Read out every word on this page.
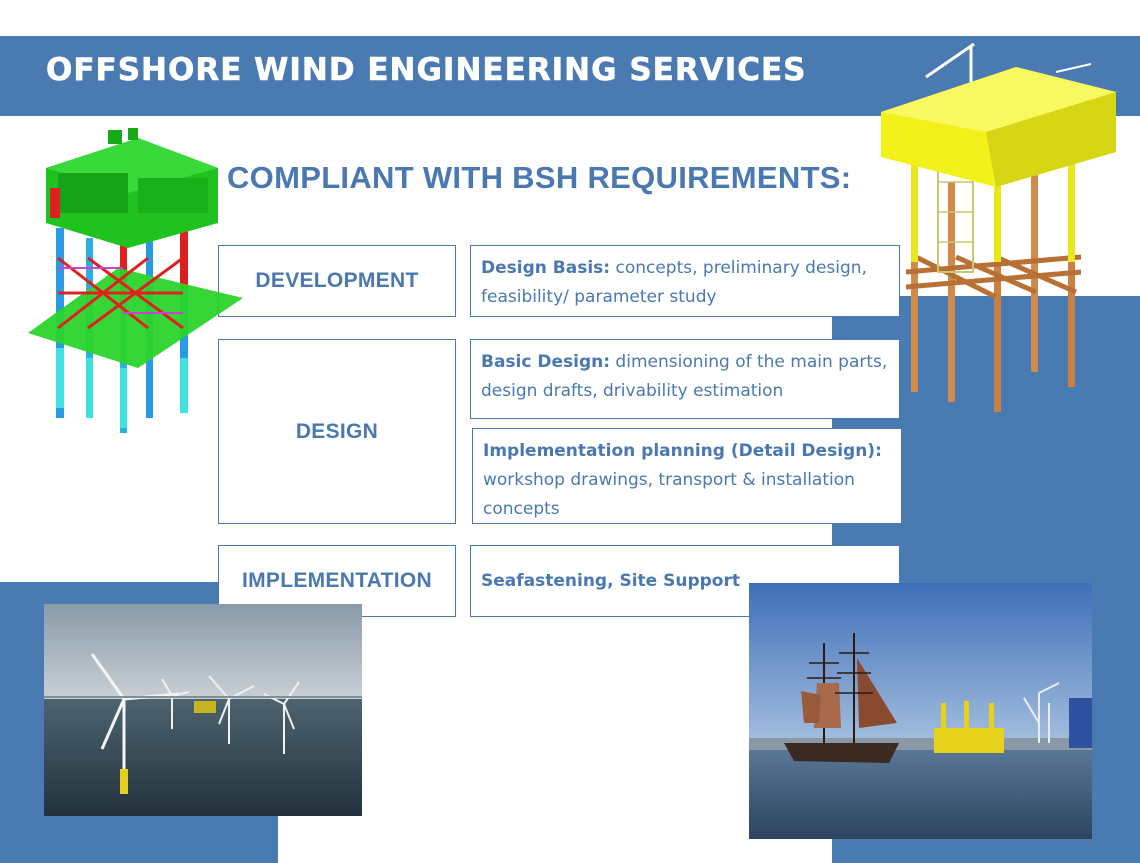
OFFSHORE WIND ENGINEERING SERVICES
COMPLIANT WITH BSH REQUIREMENTS:
DEVELOPMENT
DESIGN
IMPLEMENTATION
Design Basis: concepts, preliminary design, feasibility/ parameter study
Basic Design: dimensioning of the main parts, design drafts, drivability estimation
Implementation planning (Detail Design): workshop drawings, transport & installation concepts
Seafastening, Site Support
